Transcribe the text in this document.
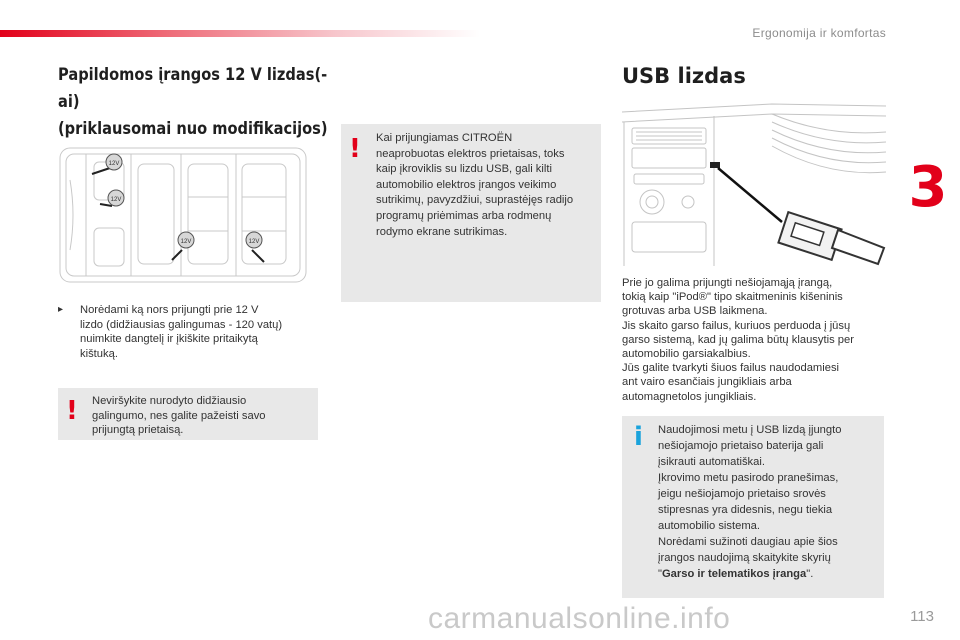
Ergonomija ir komfortas
3
Papildomos įrangos 12 V lizdas(-ai)
(priklausomai nuo modifikacijos)
12V
12V
12V	12V
▸ Norėdami ką nors prijungti prie 12 V
lizdo (didžiausias galingumas - 120 vatų)
nuimkite dangtelį ir įkiškite pritaikytą
kištuką.
! Neviršykite nurodyto didžiausio
galingumo, nes galite pažeisti savo
prijungtą prietaisą.
! Kai prijungiamas CITROËN
neaprobuotas elektros prietaisas, toks
kaip įkroviklis su lizdu USB, gali kilti
automobilio elektros įrangos veikimo
sutrikimų, pavyzdžiui, suprastėjęs radijo
programų priėmimas arba rodmenų
rodymo ekrane sutrikimas.
USB lizdas
Prie jo galima prijungti nešiojamąją įrangą,
tokią kaip "iPod®" tipo skaitmeninis kišeninis
grotuvas arba USB laikmena.
Jis skaito garso failus, kuriuos perduoda į jūsų
garso sistemą, kad jų galima būtų klausytis per
automobilio garsiakalbius.
Jūs galite tvarkyti šiuos failus naudodamiesi
ant vairo esančiais jungikliais arba
automagnetolos jungikliais.
i Naudojimosi metu į USB lizdą įjungto
nešiojamojo prietaiso baterija gali
įsikrauti automatiškai.
Įkrovimo metu pasirodo pranešimas,
jeigu nešiojamojo prietaiso srovės
stipresnas yra didesnis, negu tiekia
automobilio sistema.
Norėdami sužinoti daugiau apie šios
įrangos naudojimą skaitykite skyrių
"Garso ir telematikos įranga".
carmanualsonline.info	113
